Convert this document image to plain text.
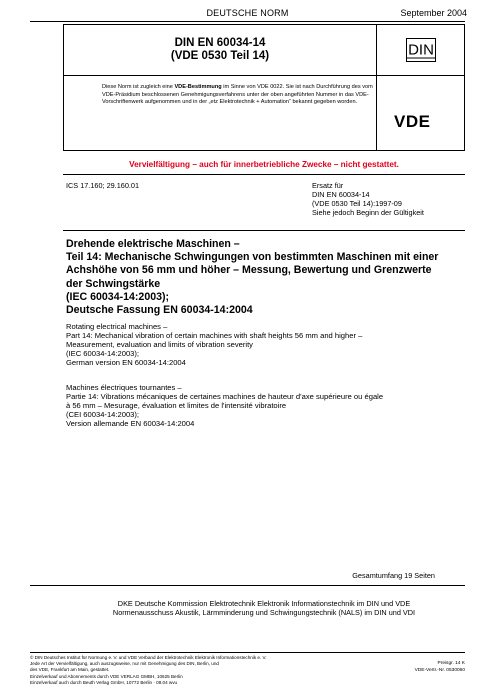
DEUTSCHE NORM	September 2004
DIN EN 60034-14
(VDE 0530 Teil 14)	DIN
Diese Norm ist zugleich eine VDE-Bestimmung im Sinne von VDE 0022. Sie ist nach Durchführung des vom VDE-Präsidium beschlossenen Genehmigungsverfahrens unter der oben angeführten Nummer in das VDE-Vorschriftenwerk aufgenommen und in der „etz Elektrotechnik + Automation“ bekannt gegeben worden.
VDE
Vervielfältigung – auch für innerbetriebliche Zwecke – nicht gestattet.
ICS 17.160; 29.160.01	Ersatz für
DIN EN 60034-14
(VDE 0530 Teil 14):1997-09
Siehe jedoch Beginn der Gültigkeit
Drehende elektrische Maschinen –
Teil 14: Mechanische Schwingungen von bestimmten Maschinen mit einer
Achshöhe von 56 mm und höher – Messung, Bewertung und Grenzwerte
der Schwingstärke
(IEC 60034-14:2003);
Deutsche Fassung EN 60034-14:2004
Rotating electrical machines –
Part 14: Mechanical vibration of certain machines with shaft heights 56 mm and higher –
Measurement, evaluation and limits of vibration severity
(IEC 60034-14:2003);
German version EN 60034-14:2004
Machines électriques tournantes –
Partie 14: Vibrations mécaniques de certaines machines de hauteur d'axe supérieure ou égale
à 56 mm – Mesurage, évaluation et limites de l'intensité vibratoire
(CEI 60034-14:2003);
Version allemande EN 60034-14:2004
Gesamtumfang 19 Seiten
DKE Deutsche Kommission Elektrotechnik Elektronik Informationstechnik im DIN und VDE
Normenausschuss Akustik, Lärmminderung und Schwingungstechnik (NALS) im DIN und VDI
© DIN Deutsches Institut für Normung e. V. und VDE Verband der Elektrotechnik Elektronik Informationstechnik e. V.
Jede Art der Vervielfältigung, auch auszugsweise, nur mit Genehmigung des DIN, Berlin, und
des VDE, Frankfurt am Main, gestattet.
Einzelverkauf und Abonnements durch VDE VERLAG GMBH, 10625 Berlin
Einzelverkauf auch durch Beuth Verlag GmbH, 10772 Berlin · 09.04 wvu
Preisgr. 14 K
VDE-Vertr.-Nr. 0530060
